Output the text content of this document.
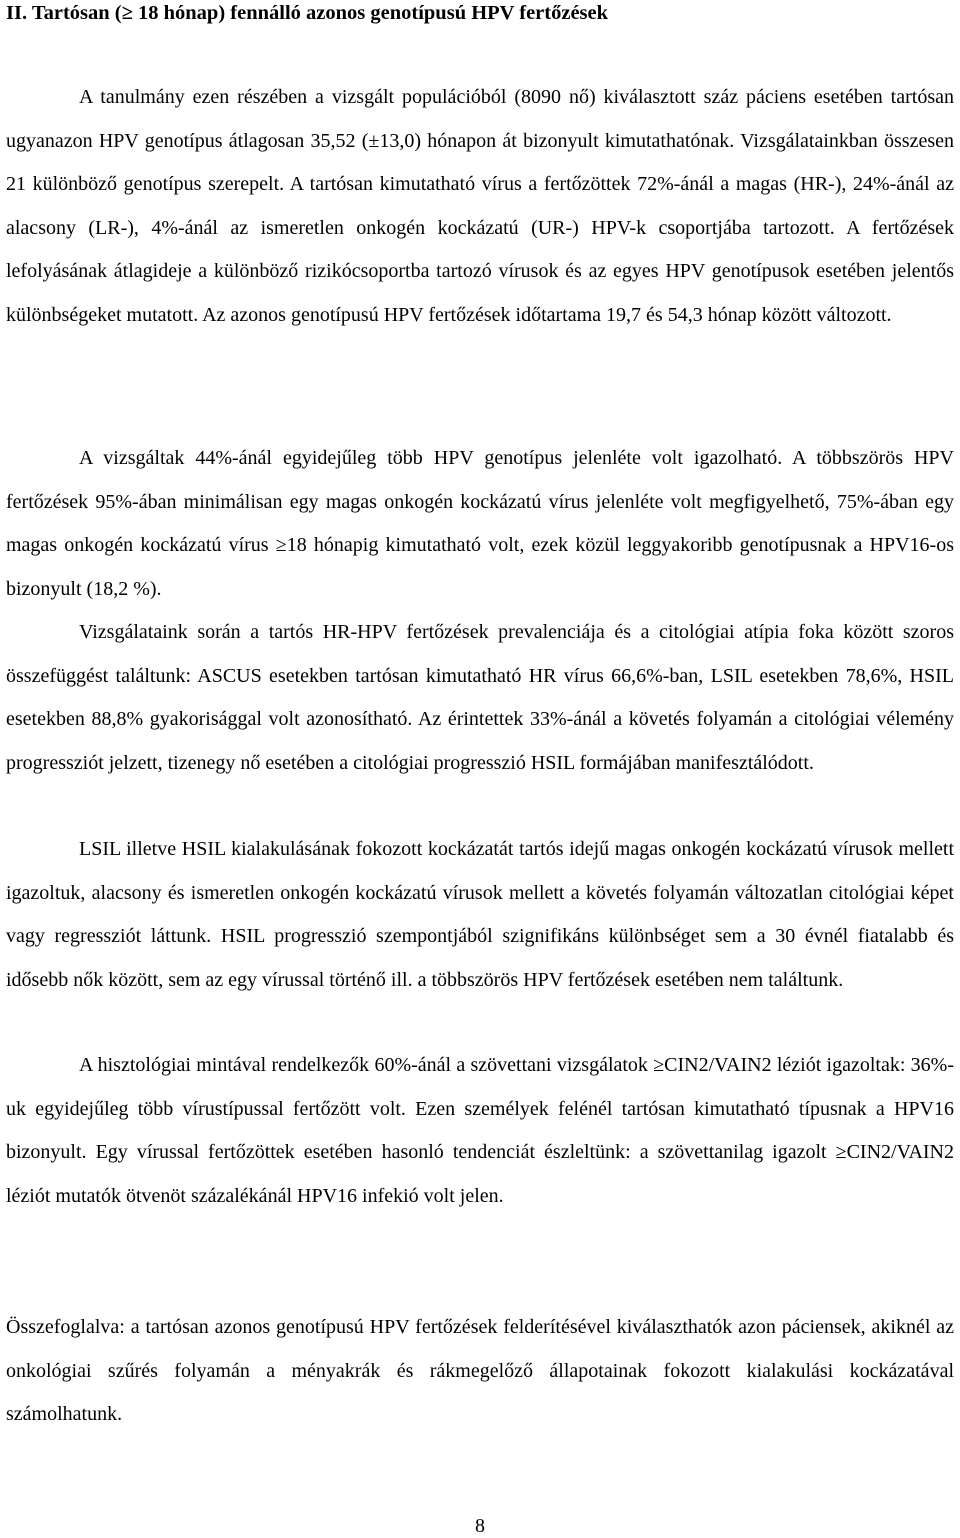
II. Tartósan (≥ 18 hónap) fennálló azonos genotípusú HPV fertőzések

A tanulmány ezen részében a vizsgált populációból (8090 nő) kiválasztott száz páciens esetében tartósan ugyanazon HPV genotípus átlagosan 35,52 (±13,0) hónapon át bizonyult kimutathatónak. Vizsgálatainkban összesen 21 különböző genotípus szerepelt. A tartósan kimutatható vírus a fertőzöttek 72%-ánál a magas (HR-), 24%-ánál az alacsony (LR-), 4%-ánál az ismeretlen onkogén kockázatú (UR-) HPV-k csoportjába tartozott. A fertőzések lefolyásának átlagideje a különböző rizikócsoportba tartozó vírusok és az egyes HPV genotípusok esetében jelentős különbségeket mutatott. Az azonos genotípusú HPV fertőzések időtartama 19,7 és 54,3 hónap között változott.

A vizsgáltak 44%-ánál egyidejűleg több HPV genotípus jelenléte volt igazolható. A többszörös HPV fertőzések 95%-ában minimálisan egy magas onkogén kockázatú vírus jelenléte volt megfigyelhető, 75%-ában egy magas onkogén kockázatú vírus ≥18 hónapig kimutatható volt, ezek közül leggyakoribb genotípusnak a HPV16-os bizonyult (18,2 %).

Vizsgálataink során a tartós HR-HPV fertőzések prevalenciája és a citológiai atípia foka között szoros összefüggést találtunk: ASCUS esetekben tartósan kimutatható HR vírus 66,6%-ban, LSIL esetekben 78,6%, HSIL esetekben 88,8% gyakorisággal volt azonosítható. Az érintettek 33%-ánál a követés folyamán a citológiai vélemény progressziót jelzett, tizenegy nő esetében a citológiai progresszió HSIL formájában manifesztálódott.

LSIL illetve HSIL kialakulásának fokozott kockázatát tartós idejű magas onkogén kockázatú vírusok mellett igazoltuk, alacsony és ismeretlen onkogén kockázatú vírusok mellett a követés folyamán változatlan citológiai képet vagy regressziót láttunk. HSIL progresszió szempontjából szignifikáns különbséget sem a 30 évnél fiatalabb és idősebb nők között, sem az egy vírussal történő ill. a többszörös HPV fertőzések esetében nem találtunk.

A hisztológiai mintával rendelkezők 60%-ánál a szövettani vizsgálatok ≥CIN2/VAIN2 léziót igazoltak: 36%-uk egyidejűleg több vírustípussal fertőzött volt. Ezen személyek felénél tartósan kimutatható típusnak a HPV16 bizonyult. Egy vírussal fertőzöttek esetében hasonló tendenciát észleltünk: a szövettanilag igazolt ≥CIN2/VAIN2 léziót mutatók ötvenöt százalékánál HPV16 infekió volt jelen.

Összefoglalva: a tartósan azonos genotípusú HPV fertőzések felderítésével kiválaszthatók azon páciensek, akiknél az onkológiai szűrés folyamán a ményakrák és rákmegelőző állapotainak fokozott kialakulási kockázatával számolhatunk.

8
